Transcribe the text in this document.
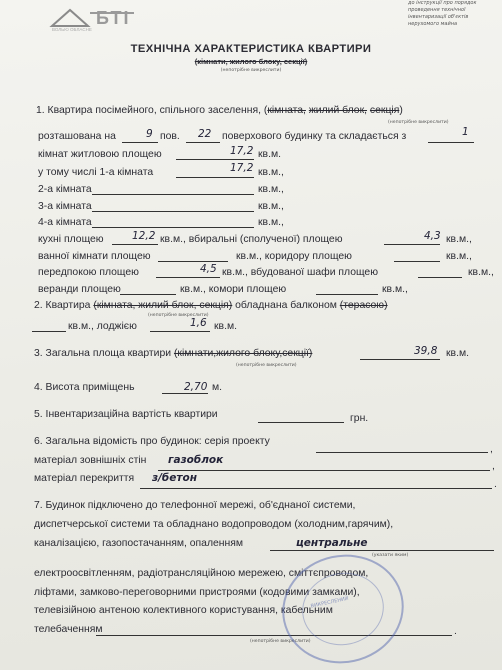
БТІ
ВОЛЬЮ ОБЛАСНЕ
до інструкції про порядок
проведення технічної
інвентаризації об'єктів
нерухомого майна
ТЕХНІЧНА ХАРАКТЕРИСТИКА КВАРТИРИ
(кімнати, жилого блоку, секції)
(непотрібне викреслити)
1. Квартира посімейного, спільного заселення, (кімната, жилий блок, секція)
(непотрібне викреслити)
розташована на	9 пов. 22 поверхового будинку та складається з	1
кімнат житловою площею	17,2 кв.м.
у тому числі 1-а кімната	17,2 кв.м.,
2-а кімната	кв.м.,
3-а кімната	кв.м.,
4-а кімната	кв.м.,
кухні площею	12,2 кв.м., вбиральні (сполученої) площею	4,3 кв.м.,
ванної кімнати площею	кв.м., коридору площею	кв.м.,
передпокою площею	4,5 кв.м., вбудованої шафи площею	кв.м.,
веранди площею	кв.м., комори площею	кв.м.,
2. Квартира (кімната, жилий блок, секція) обладнана балконом (терасою)
(непотрібне викреслити)
кв.м., лоджією	1,6 кв.м.
3. Загальна площа квартири (кімнати,жилого блоку,секції)
(непотрібне викреслити)
39,8 кв.м.
4. Висота приміщень	2,70 м.
5. Інвентаризаційна вартість квартири	грн.
6. Загальна відомість про будинок: серія проекту
,
матеріал зовнішніх стін газоблок
,
матеріал перекриття з/бетон
.
7. Будинок підключено до телефонної мережі, об'єднаної системи,
диспетчерської системи та обладнано водопроводом (холодним,гарячим),
каналізацією, газопостачанням, опаленням	центральне
(указати яким)
електроосвітленням, радіотрансляційною мережею, сміттєпроводом,
ліфтами, замково-переговорними пристроями (кодовими замками),
телевізійною антеною колективного користування, кабельним
телебаченням	.
(непотрібне викреслити)
ВИКРЕСЛЕНИЙ
